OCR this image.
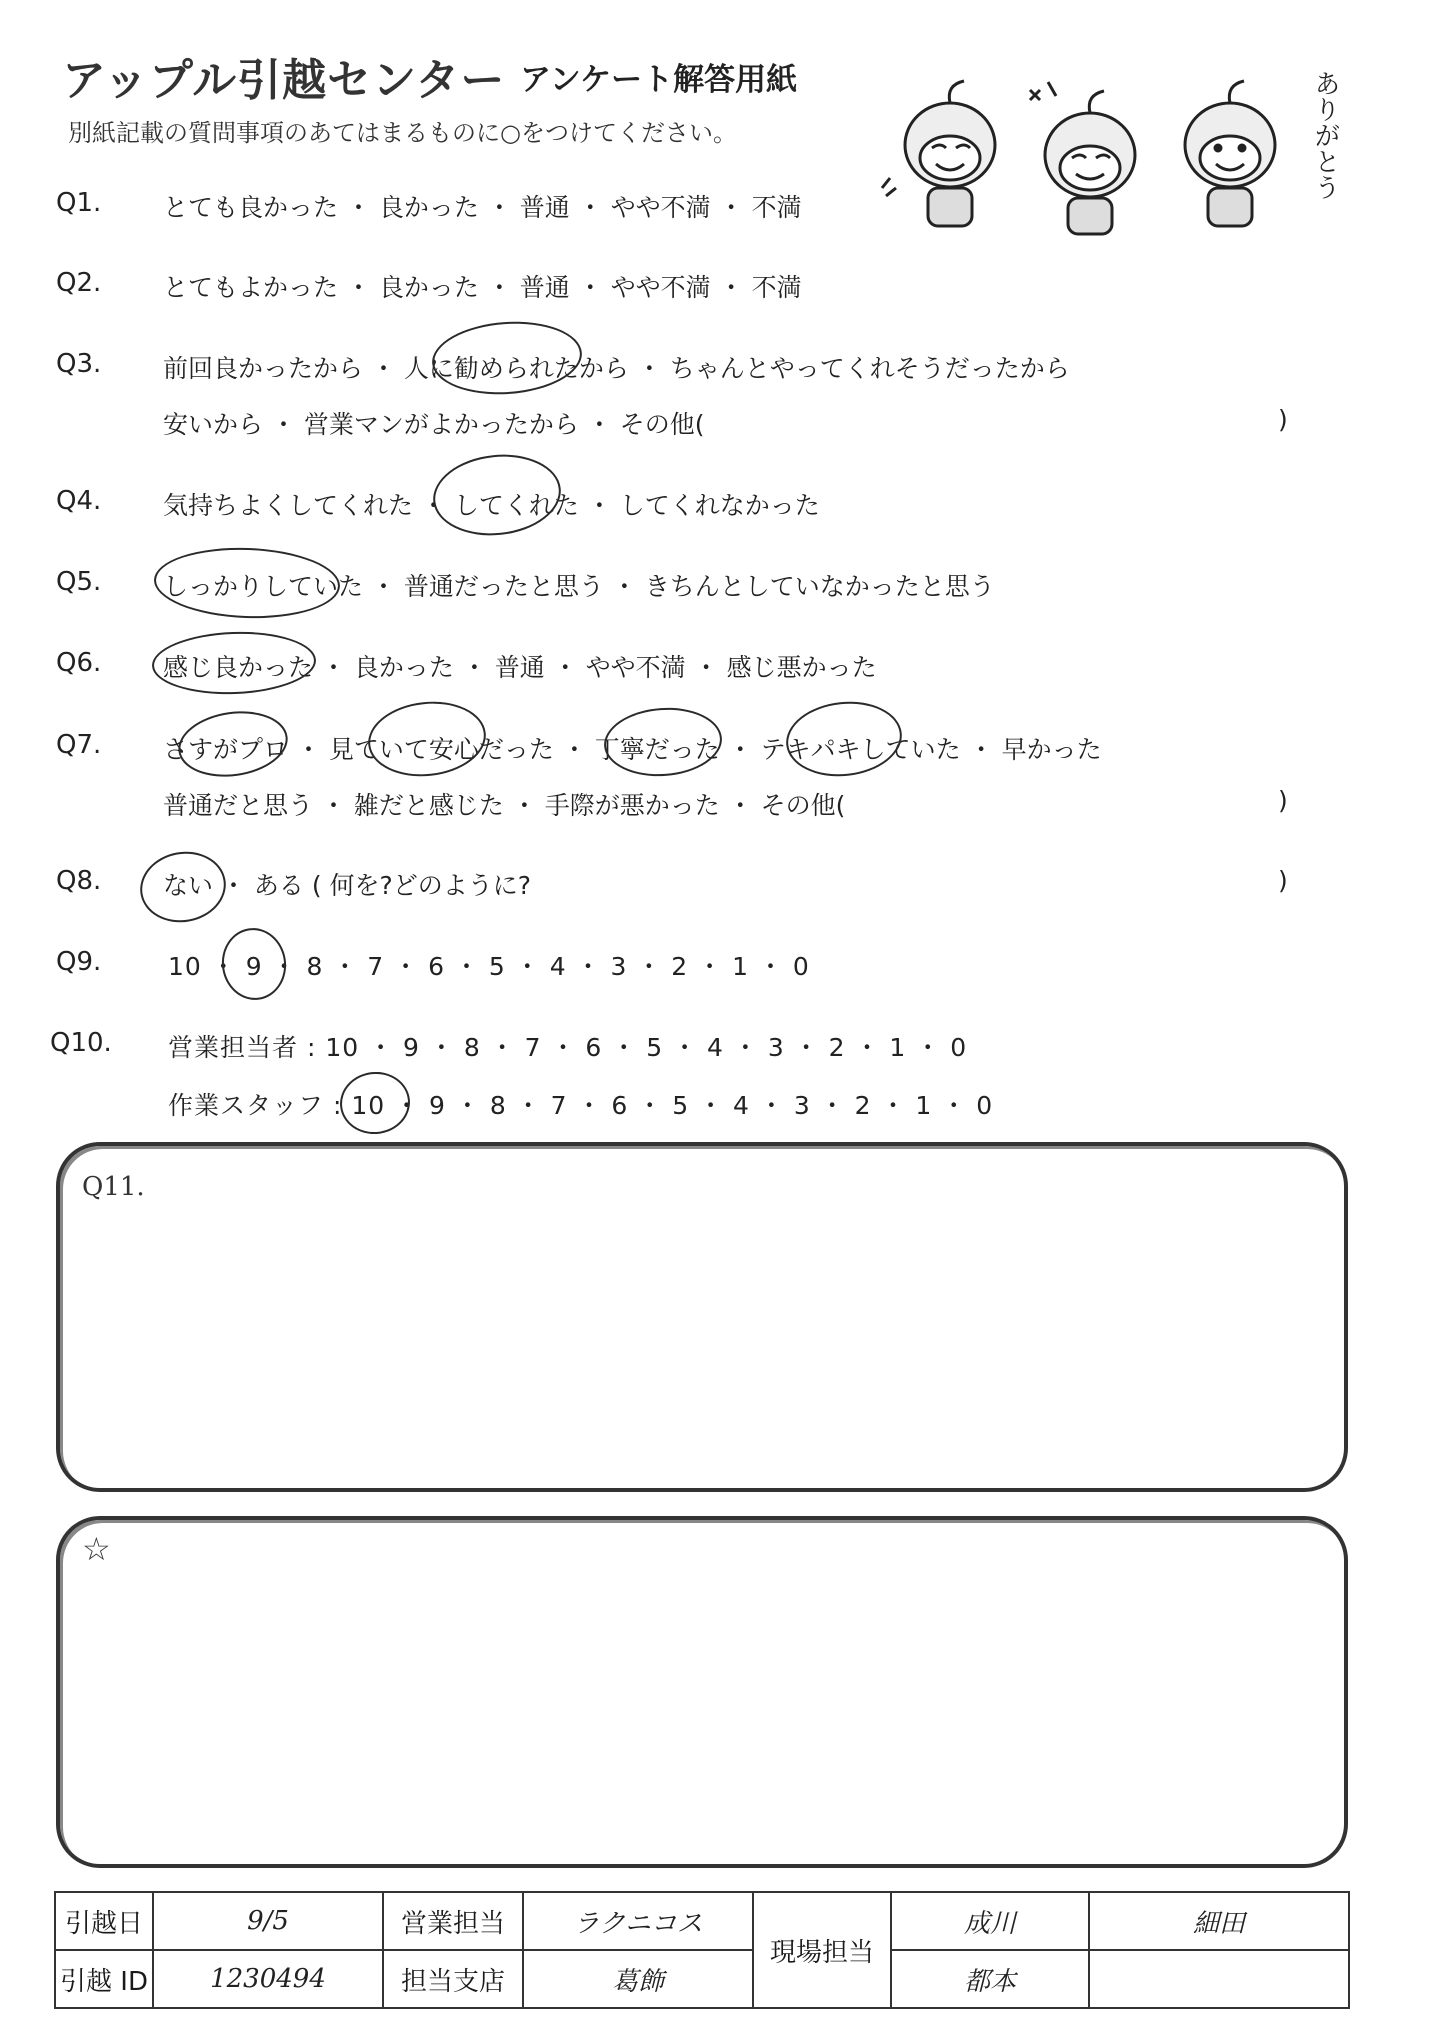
アップル引越センター アンケート解答用紙
別紙記載の質問事項のあてはまるものに○をつけてください。	ありがとう
Q1. とても良かった ・ 良かった ・ 普通 ・ やや不満 ・ 不満
Q2. とてもよかった ・ 良かった ・ 普通 ・ やや不満 ・ 不満
Q3. 前回良かったから ・ 人に勧められたから ・ ちゃんとやってくれそうだったから
安いから ・ 営業マンがよかったから ・ その他(	)
Q4. 気持ちよくしてくれた ・ してくれた ・ してくれなかった
Q5. しっかりしていた ・ 普通だったと思う ・ きちんとしていなかったと思う
Q6. 感じ良かった ・ 良かった ・ 普通 ・ やや不満 ・ 感じ悪かった
Q7. さすがプロ ・ 見ていて安心だった ・ 丁寧だった ・ テキパキしていた ・ 早かった
普通だと思う ・ 雑だと感じた ・ 手際が悪かった ・ その他(	)
Q8. ない ・ ある ( 何を?どのように?	)
Q9.	10 ・ 9 ・ 8 ・ 7 ・ 6 ・ 5 ・ 4 ・ 3 ・ 2 ・ 1 ・ 0
Q10. 営業担当者 : 10 ・ 9 ・ 8 ・ 7 ・ 6 ・ 5 ・ 4 ・ 3 ・ 2 ・ 1 ・ 0
作業スタッフ : 10 ・ 9 ・ 8 ・ 7 ・ 6 ・ 5 ・ 4 ・ 3 ・ 2 ・ 1 ・ 0
Q11.
☆
引越日	9/5	営業担当	ラクニコス	現場担当	成川	細田
引越 ID	1230494	担当支店	葛飾		都本	
